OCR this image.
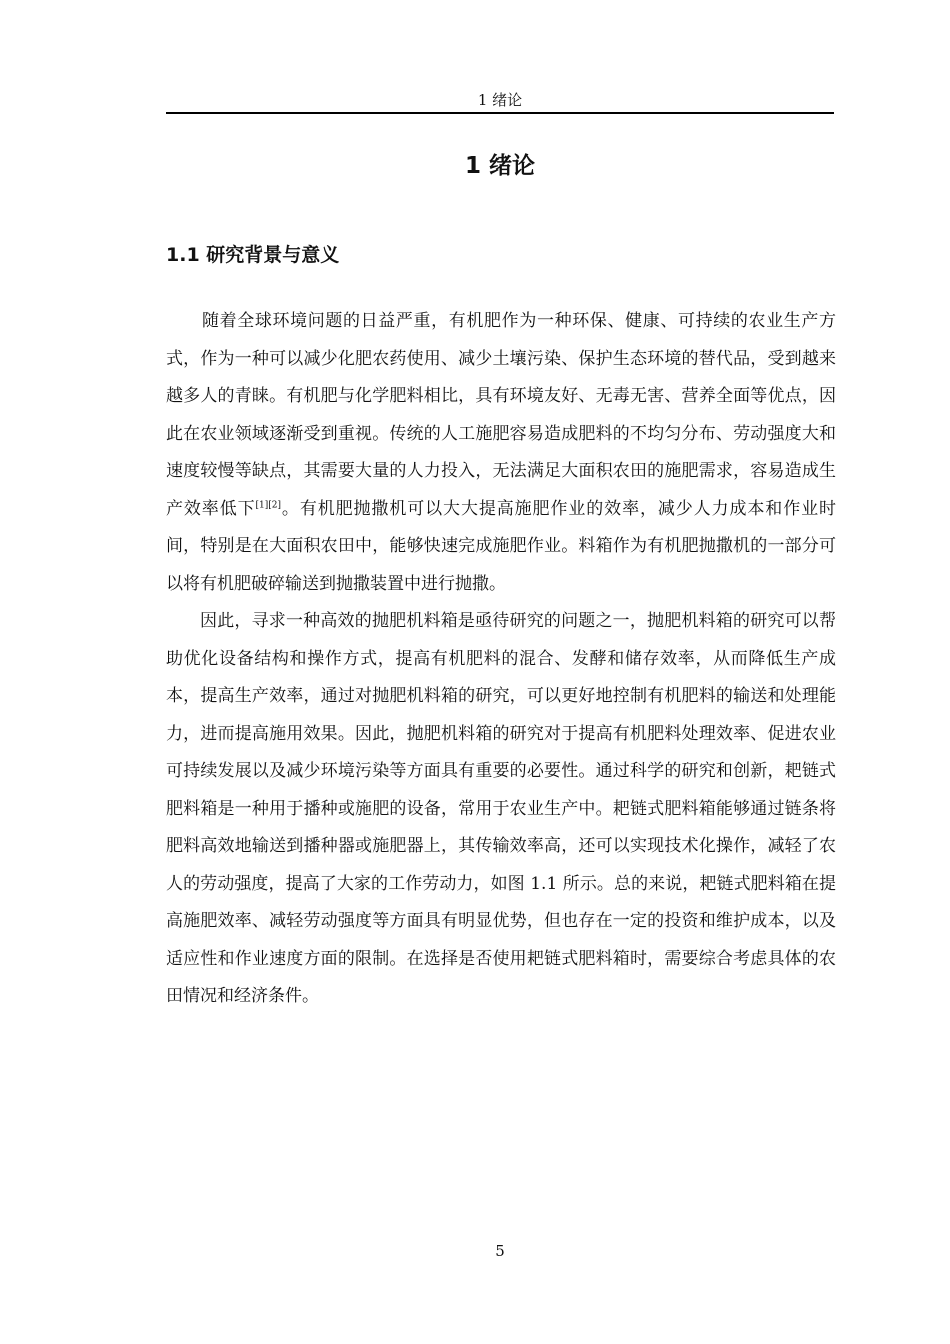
1 绪论
1 绪论
1.1 研究背景与意义

随着全球环境问题的日益严重，有机肥作为一种环保、健康、可持续的农业生产方式，作为一种可以减少化肥农药使用、减少土壤污染、保护生态环境的替代品，受到越来越多人的青睐。有机肥与化学肥料相比，具有环境友好、无毒无害、营养全面等优点，因此在农业领域逐渐受到重视。传统的人工施肥容易造成肥料的不均匀分布、劳动强度大和速度较慢等缺点，其需要大量的人力投入，无法满足大面积农田的施肥需求，容易造成生产效率低下[1][2]。有机肥抛撒机可以大大提高施肥作业的效率，减少人力成本和作业时间，特别是在大面积农田中，能够快速完成施肥作业。料箱作为有机肥抛撒机的一部分可以将有机肥破碎输送到抛撒装置中进行抛撒。

因此，寻求一种高效的抛肥机料箱是亟待研究的问题之一，抛肥机料箱的研究可以帮助优化设备结构和操作方式，提高有机肥料的混合、发酵和储存效率，从而降低生产成本，提高生产效率，通过对抛肥机料箱的研究，可以更好地控制有机肥料的输送和处理能力，进而提高施用效果。因此，抛肥机料箱的研究对于提高有机肥料处理效率、促进农业可持续发展以及减少环境污染等方面具有重要的必要性。通过科学的研究和创新，耙链式肥料箱是一种用于播种或施肥的设备，常用于农业生产中。耙链式肥料箱能够通过链条将肥料高效地输送到播种器或施肥器上，其传输效率高，还可以实现技术化操作，减轻了农人的劳动强度，提高了大家的工作劳动力，如图 1.1 所示。总的来说，耙链式肥料箱在提高施肥效率、减轻劳动强度等方面具有明显优势，但也存在一定的投资和维护成本，以及适应性和作业速度方面的限制。在选择是否使用耙链式肥料箱时，需要综合考虑具体的农田情况和经济条件。

5
